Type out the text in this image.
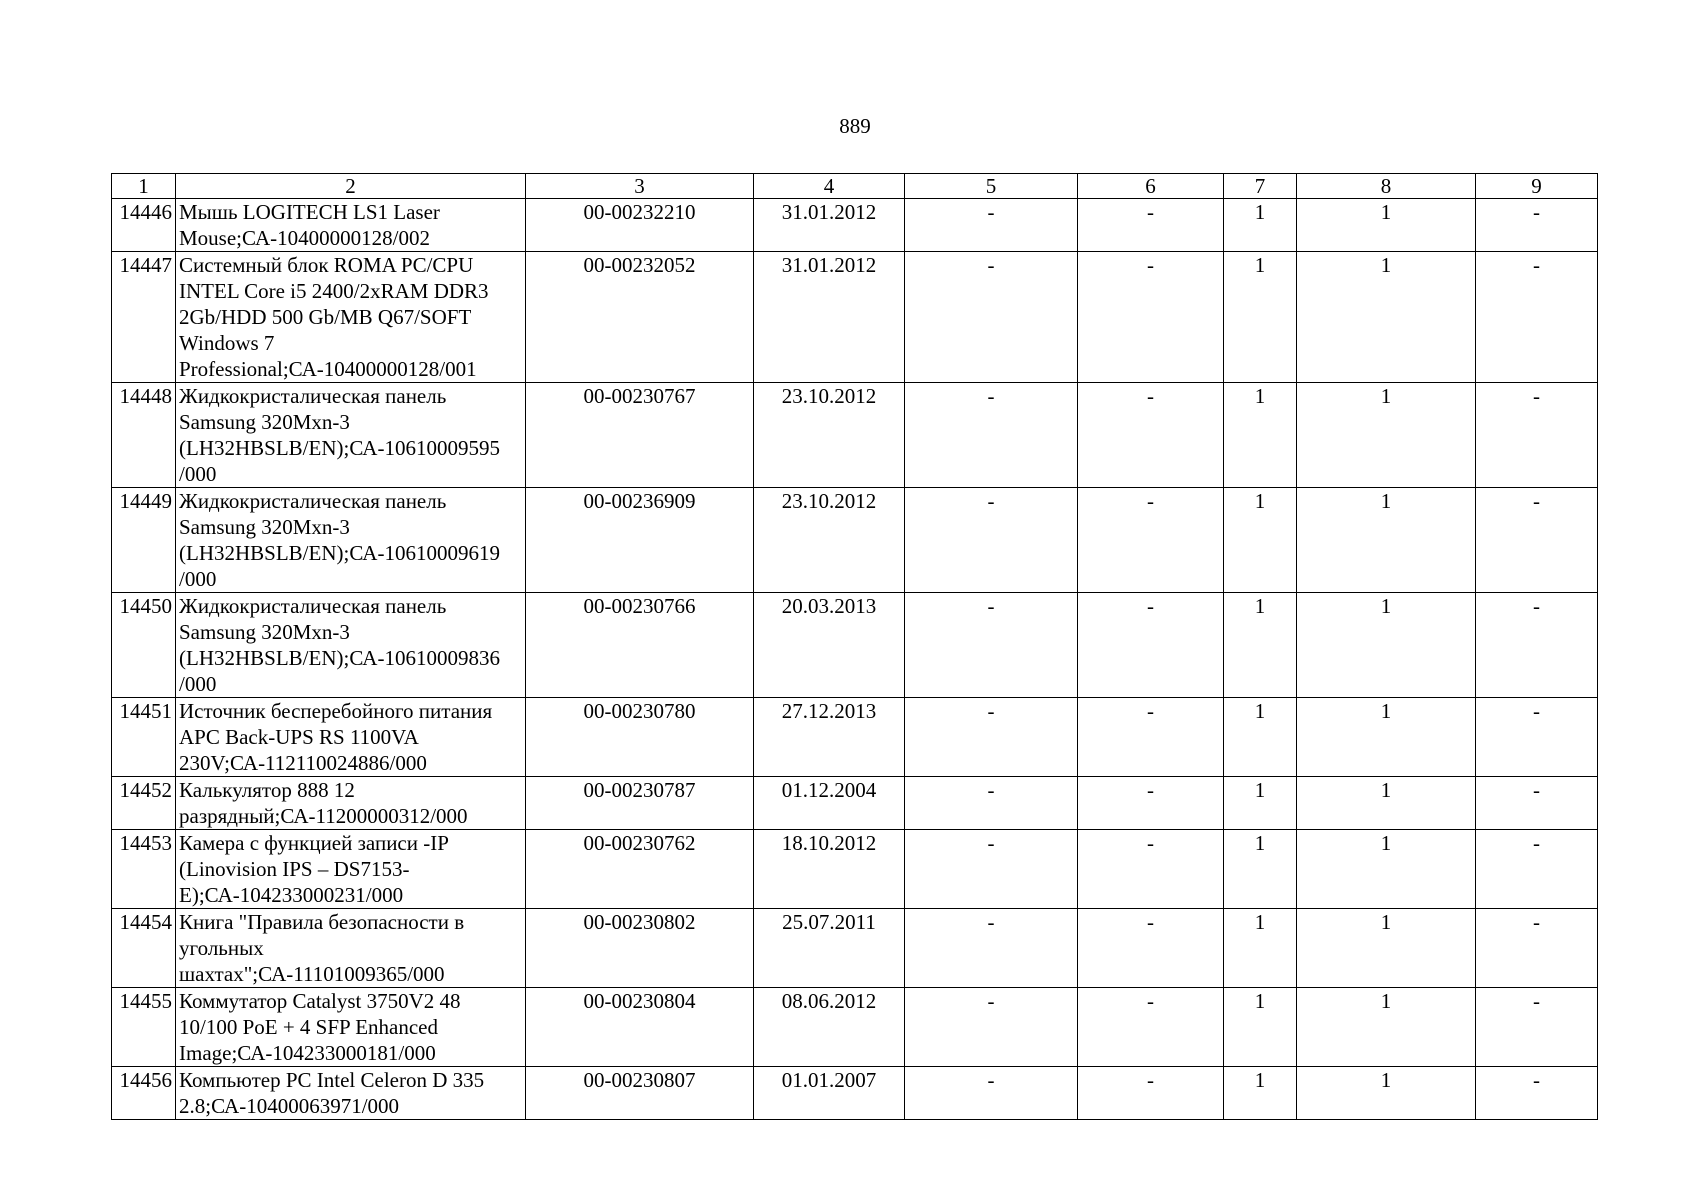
889
1	2	3	4	5	6	7	8	9
14446	Мышь LOGITECH LS1 Laser Mouse;СА-10400000128/002	00-00232210	31.01.2012	-	-	1	1	-
14447	Системный блок ROMA PC/CPU INTEL Core i5 2400/2xRAM DDR3 2Gb/HDD 500 Gb/MB Q67/SOFT Windows 7 Professional;СА-10400000128/001	00-00232052	31.01.2012	-	-	1	1	-
14448	Жидкокристалическая панель Samsung 320Mxn-3 (LH32HBSLB/EN);СА-10610009595 /000	00-00230767	23.10.2012	-	-	1	1	-
14449	Жидкокристалическая панель Samsung 320Mxn-3 (LH32HBSLB/EN);СА-10610009619 /000	00-00236909	23.10.2012	-	-	1	1	-
14450	Жидкокристалическая панель Samsung 320Mxn-3 (LH32HBSLB/EN);СА-10610009836 /000	00-00230766	20.03.2013	-	-	1	1	-
14451	Источник бесперебойного питания APC Back-UPS RS 1100VA 230V;СА-112110024886/000	00-00230780	27.12.2013	-	-	1	1	-
14452	Калькулятор 888 12 разрядный;СА-11200000312/000	00-00230787	01.12.2004	-	-	1	1	-
14453	Камера с функцией записи -IP (Linovision IPS – DS7153-E);СА-104233000231/000	00-00230762	18.10.2012	-	-	1	1	-
14454	Книга "Правила безопасности в угольных шахтах";СА-11101009365/000	00-00230802	25.07.2011	-	-	1	1	-
14455	Коммутатор Catalyst 3750V2 48 10/100 PoE + 4 SFP Enhanced Image;СА-104233000181/000	00-00230804	08.06.2012	-	-	1	1	-
14456	Компьютер PC Intel Celeron D 335 2.8;СА-10400063971/000	00-00230807	01.01.2007	-	-	1	1	-
